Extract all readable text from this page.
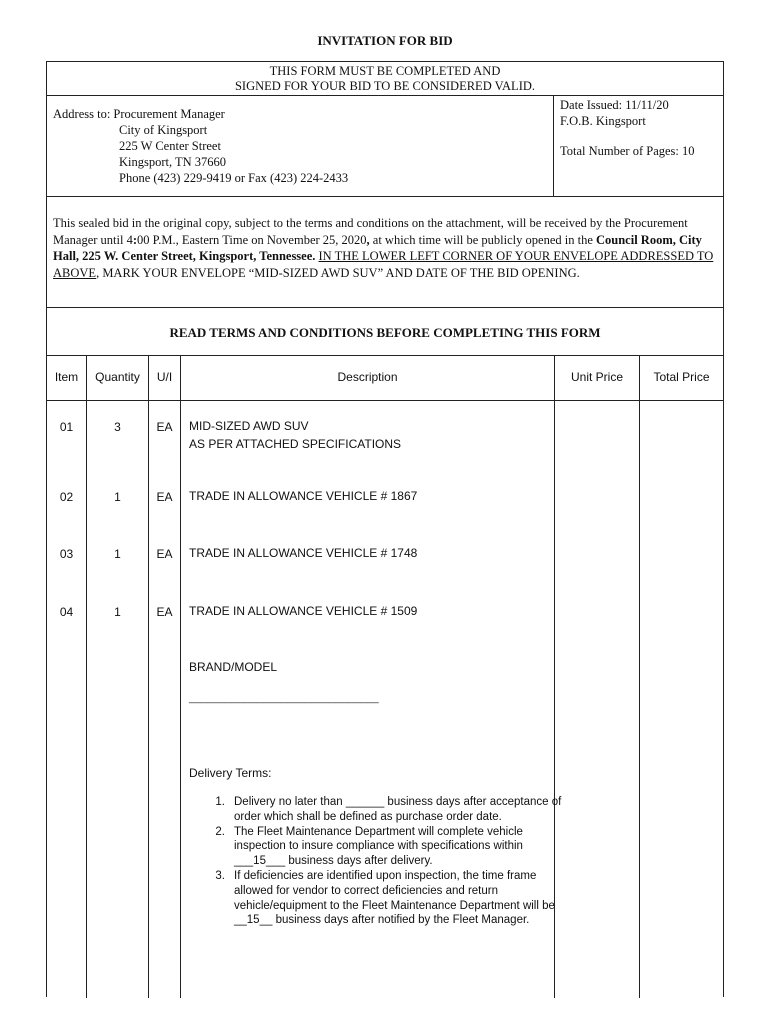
INVITATION FOR BID
THIS FORM MUST BE COMPLETED AND
SIGNED FOR YOUR BID TO BE CONSIDERED VALID.
Address to: Procurement Manager
City of Kingsport
225 W Center Street
Kingsport, TN 37660
Phone (423) 229-9419 or Fax (423) 224-2433
Date Issued: 11/11/20
F.O.B. Kingsport
Total Number of Pages: 10
This sealed bid in the original copy, subject to the terms and conditions on the attachment, will be received by the Procurement Manager until 4:00 P.M., Eastern Time on November 25, 2020, at which time will be publicly opened in the Council Room, City Hall, 225 W. Center Street, Kingsport, Tennessee. IN THE LOWER LEFT CORNER OF YOUR ENVELOPE ADDRESSED TO ABOVE, MARK YOUR ENVELOPE “MID-SIZED AWD SUV” AND DATE OF THE BID OPENING.
READ TERMS AND CONDITIONS BEFORE COMPLETING THIS FORM
Item	Quantity	U/I	Description	Unit Price	Total Price
01	3	EA	MID-SIZED AWD SUV
AS PER ATTACHED SPECIFICATIONS
02	1	EA	TRADE IN ALLOWANCE VEHICLE # 1867
03	1	EA	TRADE IN ALLOWANCE VEHICLE # 1748
04	1	EA	TRADE IN ALLOWANCE VEHICLE # 1509
BRAND/MODEL
_______________________________
Delivery Terms:
1. Delivery no later than ______ business days after acceptance of order which shall be defined as purchase order date.
2. The Fleet Maintenance Department will complete vehicle inspection to insure compliance with specifications within ___15___ business days after delivery.
3. If deficiencies are identified upon inspection, the time frame allowed for vendor to correct deficiencies and return vehicle/equipment to the Fleet Maintenance Department will be __15__ business days after notified by the Fleet Manager.
